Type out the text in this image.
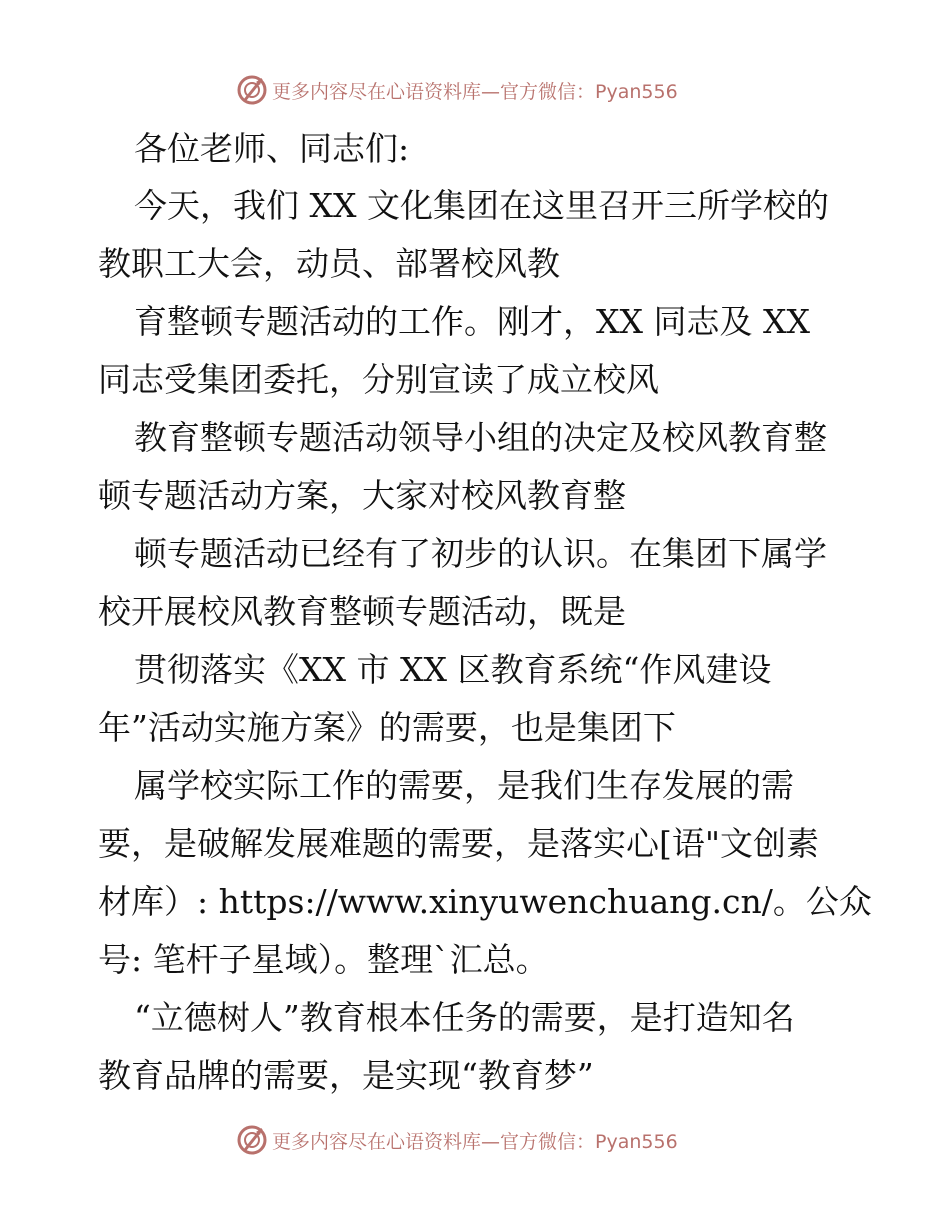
更多内容尽在心语资料库—官方微信：Pyan556
各位老师、同志们:
今天，我们 XX 文化集团在这里召开三所学校的
教职工大会，动员、部署校风教
育整顿专题活动的工作。刚才，XX 同志及 XX
同志受集团委托，分别宣读了成立校风
教育整顿专题活动领导小组的决定及校风教育整
顿专题活动方案，大家对校风教育整
顿专题活动已经有了初步的认识。在集团下属学
校开展校风教育整顿专题活动，既是
贯彻落实《XX 市 XX 区教育系统“作风建设
年”活动实施方案》的需要，也是集团下
属学校实际工作的需要，是我们生存发展的需
要，是破解发展难题的需要，是落实心[语"文创素
材库）: https://www.xinyuwenchuang.cn/。公众
号: 笔杆子星域）。整理`汇总。
“立德树人”教育根本任务的需要，是打造知名
教育品牌的需要，是实现“教育梦”
更多内容尽在心语资料库—官方微信：Pyan556
